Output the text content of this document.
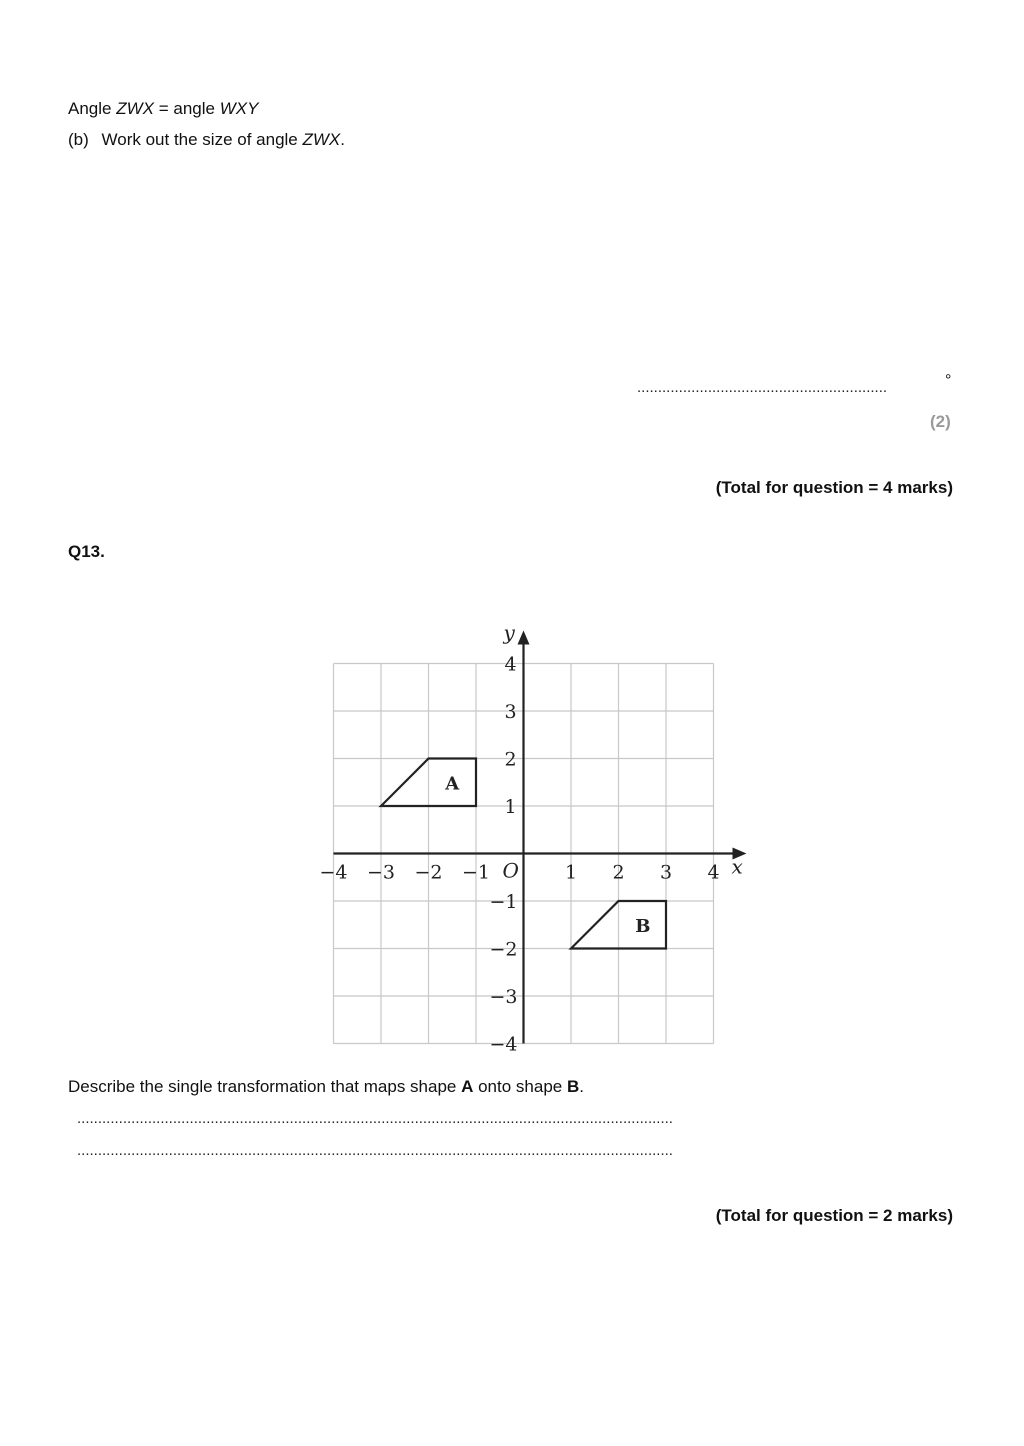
Angle ZWX = angle WXY
(b) Work out the size of angle ZWX.
............................................................	°
(2)
(Total for question = 4 marks)
Q13.
x
y
A
B
O
−4 −3 −2 −1	1 2 3 4
4
3
2
1
−1
−2
−3
−4
Describe the single transformation that maps shape A onto shape B.
...............................................................................................................................................
...............................................................................................................................................
(Total for question = 2 marks)
